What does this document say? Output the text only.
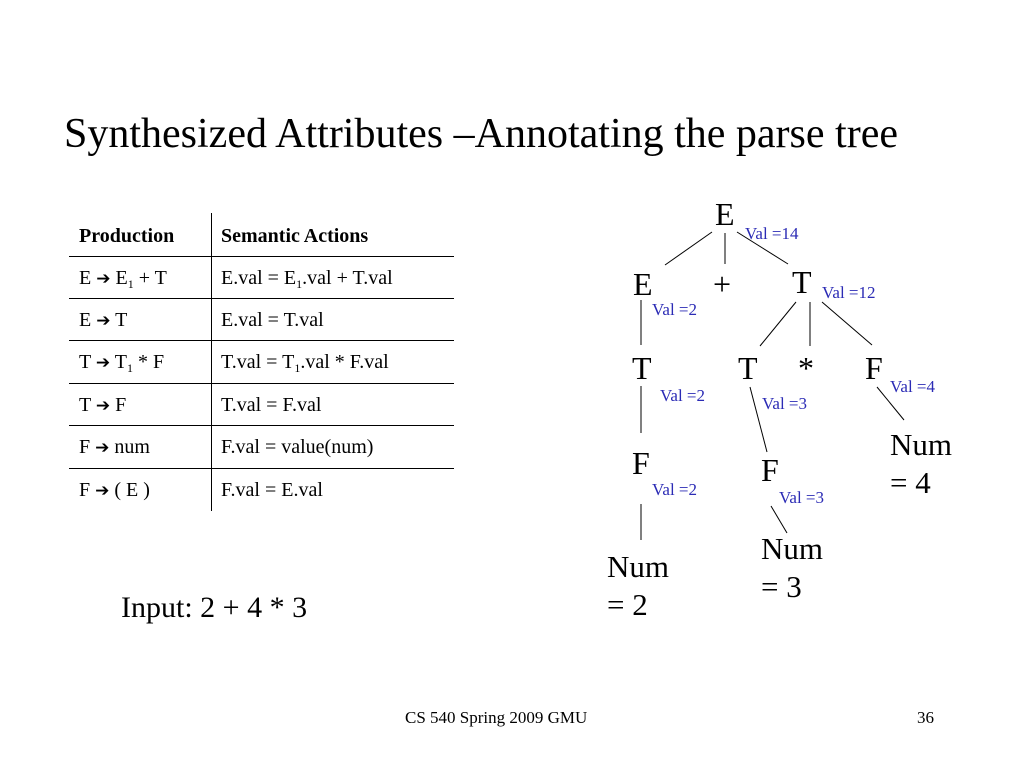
Synthesized Attributes –Annotating the parse tree
Production Semantic Actions
E ➔ $E_1 + T$	$E.val = E_1.val + T.val$
E ➔ T	E.val = T.val
T ➔ $T_1$ * F	$T.val = T_1.val * F.val$
T ➔ F	T.val = F.val
F ➔ num	F.val = value(num)
F ➔ ( E )	F.val = E.val
Input: 2 + 4 * 3
E
Val =14
E
Val =2
+ T Val =12
T
Val =2
T
Val =3
* F
Val =4
F
Val =2
F
Val =3
Num
= 2
Num
= 3
Num
= 4
CS 540 Spring 2009 GMU	36
